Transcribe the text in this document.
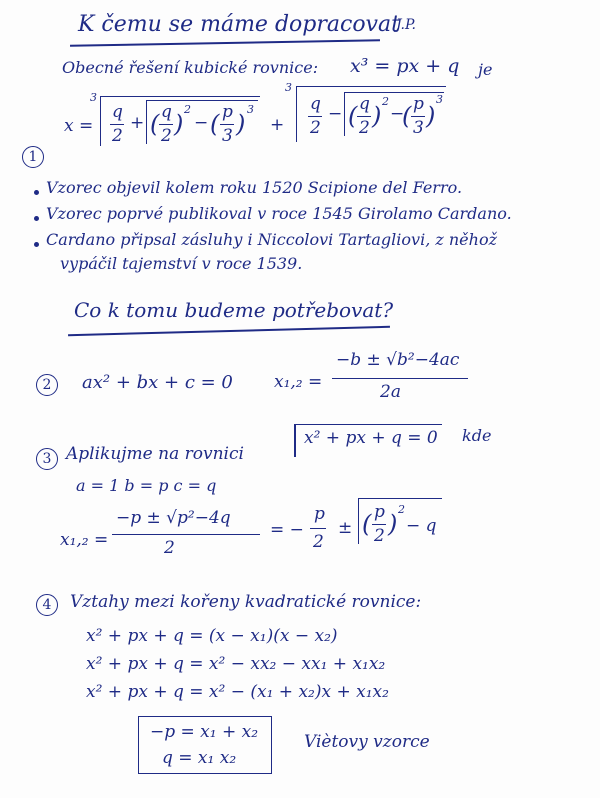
K čemu se máme dopracovat
J.P.
Obecné řešení kubické rovnice: x³ = px + q je
x =
3
q
2
+ ( q
2 )
2
− ( p
3 )
3
+
3
q
2
− ( q
2 )
2
−
( p
3 )
3
1
Vzorec objevil kolem roku 1520 Scipione del Ferro.
Vzorec poprvé publikoval v roce 1545 Girolamo Cardano.
Cardano připsal zásluhy i Niccolovi Tartagliovi, z něhož
vypáčil tajemství v roce 1539.
Co k tomu budeme potřebovat?
2 ax² + bx + c = 0 x₁,₂ =
−b ± √b²−4ac
2a
3 Aplikujme na rovnici
x² + px + q = 0 kde
a = 1 b = p c = q
x₁,₂ =
−p ± √p²−4q
2
= −
p
2
± ( p
2 )
2
− q
4 Vztahy mezi kořeny kvadratické rovnice:
x² + px + q = (x − x₁)(x − x₂)
x² + px + q = x² − xx₂ − xx₁ + x₁x₂
x² + px + q = x² − (x₁ + x₂)x + x₁x₂
−p = x₁ + x₂
q = x₁ x₂
Viètovy vzorce
